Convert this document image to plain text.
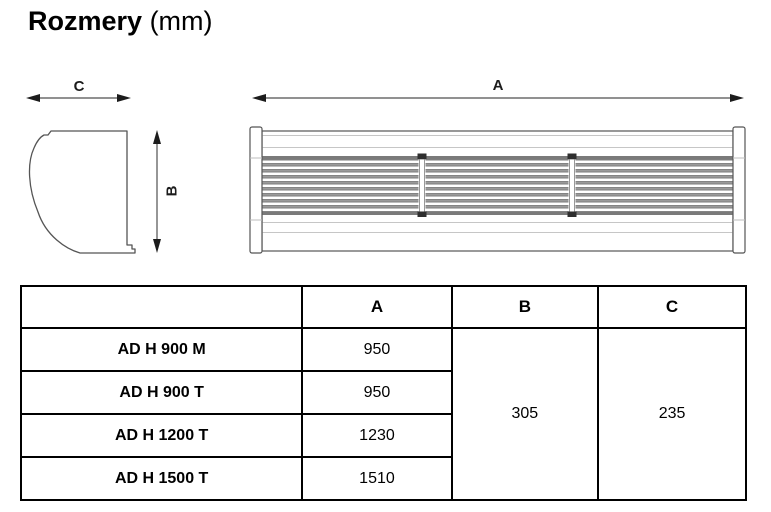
Rozmery (mm)
C	A
B
	A	B	C
AD H 900 M	950	305	235
AD H 900 T	950		
AD H 1200 T	1230		
AD H 1500 T	1510		
